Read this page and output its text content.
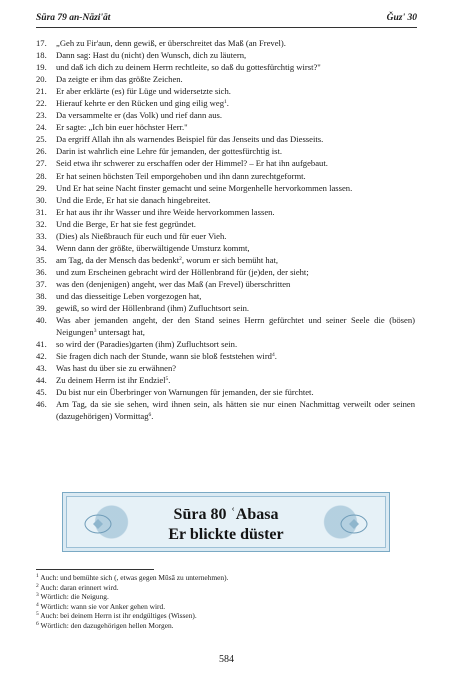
Sūra 79 an-Nāzi'āt	Ǧuz' 30
17.	„Geh zu Fir'aun, denn gewiß, er überschreitet das Maß (an Frevel).
18.	Dann sag: Hast du (nicht) den Wunsch, dich zu läutern,
19.	und daß ich dich zu deinem Herrn rechtleite, so daß du gottesfürchtig wirst?"
20.	Da zeigte er ihm das größte Zeichen.
21.	Er aber erklärte (es) für Lüge und widersetzte sich.
22.	Hierauf kehrte er den Rücken und ging eilig weg$^1$.
23.	Da versammelte er (das Volk) und rief dann aus.
24.	Er sagte: „Ich bin euer höchster Herr."
25.	Da ergriff Allah ihn als warnendes Beispiel für das Jenseits und das Diesseits.
26.	Darin ist wahrlich eine Lehre für jemanden, der gottesfürchtig ist.
27.	Seid etwa ihr schwerer zu erschaffen oder der Himmel? – Er hat ihn aufgebaut.
28.	Er hat seinen höchsten Teil emporgehoben und ihn dann zurechtgeformt.
29.	Und Er hat seine Nacht finster gemacht und seine Morgenhelle hervorkommen lassen.
30.	Und die Erde, Er hat sie danach hingebreitet.
31.	Er hat aus ihr ihr Wasser und ihre Weide hervorkommen lassen.
32.	Und die Berge, Er hat sie fest gegründet.
33.	(Dies) als Nießbrauch für euch und für euer Vieh.
34.	Wenn dann der größte, überwältigende Umsturz kommt,
35.	am Tag, da der Mensch das bedenkt$^2$, worum er sich bemüht hat,
36.	und zum Erscheinen gebracht wird der Höllenbrand für (je)den, der sieht;
37.	was den (denjenigen) angeht, wer das Maß (an Frevel) überschritten
38.	und das diesseitige Leben vorgezogen hat,
39.	gewiß, so wird der Höllenbrand (ihm) Zufluchtsort sein.
40.	Was aber jemanden angeht, der den Stand seines Herrn gefürchtet und seiner Seele die (bösen) Neigungen$^3$ untersagt hat,
41.	so wird der (Paradies)garten (ihm) Zufluchtsort sein.
42.	Sie fragen dich nach der Stunde, wann sie bloß feststehen wird$^4$.
43.	Was hast du über sie zu erwähnen?
44.	Zu deinem Herrn ist ihr Endziel$^5$.
45.	Du bist nur ein Überbringer von Warnungen für jemanden, der sie fürchtet.
46.	Am Tag, da sie sie sehen, wird ihnen sein, als hätten sie nur einen Nachmittag verweilt oder seinen (dazugehörigen) Vormittag$^6$.
Sūra 80 ʿAbasa
Er blickte düster
$^1$ Auch: und bemühte sich (, etwas gegen Mūsā zu unternehmen).
$^2$ Auch: daran erinnert wird.
$^3$ Wörtlich: die Neigung.
$^4$ Wörtlich: wann sie vor Anker gehen wird.
$^5$ Auch: bei deinem Herrn ist ihr endgültiges (Wissen).
$^6$ Wörtlich: den dazugehörigen hellen Morgen.
584
